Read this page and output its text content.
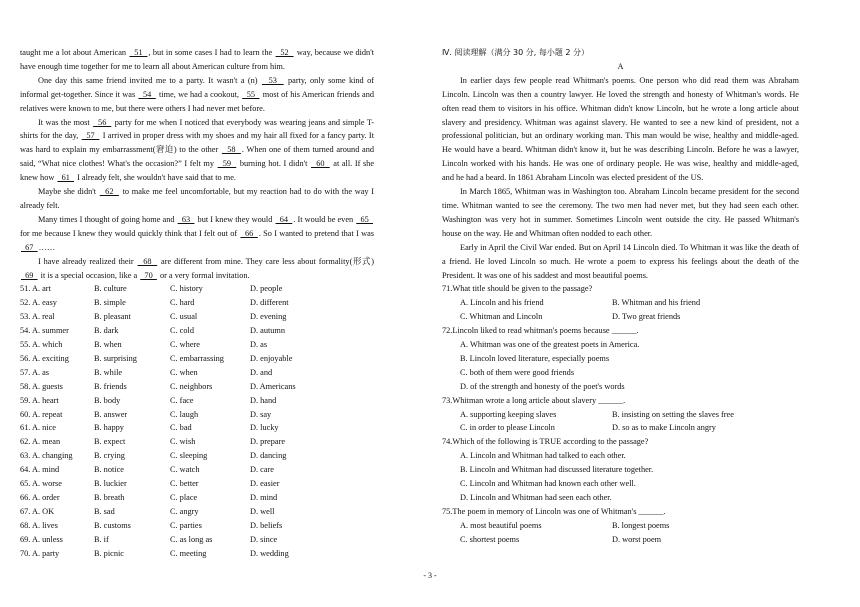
taught me a lot about American   51  , but in some cases I had to learn the   52   way, because we didn't have enough time together for me to learn all about American culture from him.

One day this same friend invited me to a party. It wasn't a (n)   53   party, only some kind of informal get-together. Since it was   54   time, we had a cookout,   55   most of his American friends and relatives were known to me, but there were others I had never met before.

It was the most   56   party for me when I noticed that everybody was wearing jeans and simple T-shirts for the day,   57   I arrived in proper dress with my shoes and my hair all fixed for a fancy party. It was hard to explain my embarrassment(窘迫) to the other   58  . When one of them turned around and said, “What nice clothes! What's the occasion?” I felt my   59   burning hot. I didn't   60   at all. If she knew how   61   I already felt, she wouldn't have said that to me.

Maybe she didn't   62   to make me feel uncomfortable, but my reaction had to do with the way I already felt.

Many times I thought of going home and   63   but I knew they would   64  . It would be even   65   for me because I knew they would quickly think that I felt out of   66  . So I wanted to pretend that I was   67  ……

I have already realized their   68   are different from mine. They care less about formality(形式)   69   it is a special occasion, like a   70   or a very formal invitation.

51. A. art	B. culture	C. history	D. people
52. A. easy	B. simple	C. hard	D. different
53. A. real	B. pleasant	C. usual	D. evening
54. A. summer	B. dark	C. cold	D. autumn
55. A. which	B. when	C. where	D. as
56. A. exciting	B. surprising	C. embarrassing	D. enjoyable
57. A. as	B. while	C. when	D. and
58. A. guests	B. friends	C. neighbors	D. Americans
59. A. heart	B. body	C. face	D. hand
60. A. repeat	B. answer	C. laugh	D. say
61. A. nice	B. happy	C. bad	D. lucky
62. A. mean	B. expect	C. wish	D. prepare
63. A. changing	B. crying	C. sleeping	D. dancing
64. A. mind	B. notice	C. watch	D. care
65. A. worse	B. luckier	C. better	D. easier
66. A. order	B. breath	C. place	D. mind
67. A. OK	B. sad	C. angry	D. well
68. A. lives	B. customs	C. parties	D. beliefs
69. A. unless	B. if	C. as long as	D. since
70. A. party	B. picnic	C. meeting	D. wedding

Ⅳ. 阅读理解（满分 30 分, 每小题 2 分）

A

In earlier days few people read Whitman's poems. One person who did read them was Abraham Lincoln. Lincoln was then a country lawyer. He loved the strength and honesty of Whitman's words. He often read them to visitors in his office. Whitman didn't know Lincoln, but he wrote a long article about slavery and presidency. Whitman was against slavery. He wanted to see a new kind of president, not a professional politician, but an ordinary working man. This man would be wise, healthy and middle-aged. He would have a beard. Whitman didn't know it, but he was describing Lincoln. Before he was a lawyer, Lincoln worked with his hands. He was one of ordinary people. He was wise, healthy and middle-aged, and he had a beard. In 1861 Abraham Lincoln was elected president of the US.

In March 1865, Whitman was in Washington too. Abraham Lincoln became president for the second time. Whitman wanted to see the ceremony. The two men had never met, but they had seen each other. Washington was very hot in summer. Sometimes Lincoln went outside the city. He passed Whitman's house on the way. He and Whitman often nodded to each other.

Early in April the Civil War ended. But on April 14 Lincoln died. To Whitman it was like the death of a friend. He loved Lincoln so much. He wrote a poem to express his feelings about the death of the President. It was one of his saddest and most beautiful poems.

71.What title should be given to the passage?

A. Lincoln and his friend	B. Whitman and his friend
C. Whitman and Lincoln	D. Two great friends

72.Lincoln liked to read whitman's poems because ______.

A. Whitman was one of the greatest poets in America.
B. Lincoln loved literature, especially poems
C. both of them were good friends
D. of the strength and honesty of the poet's words

73.Whitman wrote a long article about slavery ______.

A. supporting keeping slaves	B. insisting on setting the slaves free
C. in order to please Lincoln	D. so as to make Lincoln angry

74.Which of the following is TRUE according to the passage?

A. Lincoln and Whitman had talked to each other.
B. Lincoln and Whitman had discussed literature together.
C. Lincoln and Whitman had known each other well.
D. Lincoln and Whitman had seen each other.

75.The poem in memory of Lincoln was one of Whitman's ______.

A. most beautiful poems	B. longest poems
C. shortest poems	D. worst poem
- 3 -
